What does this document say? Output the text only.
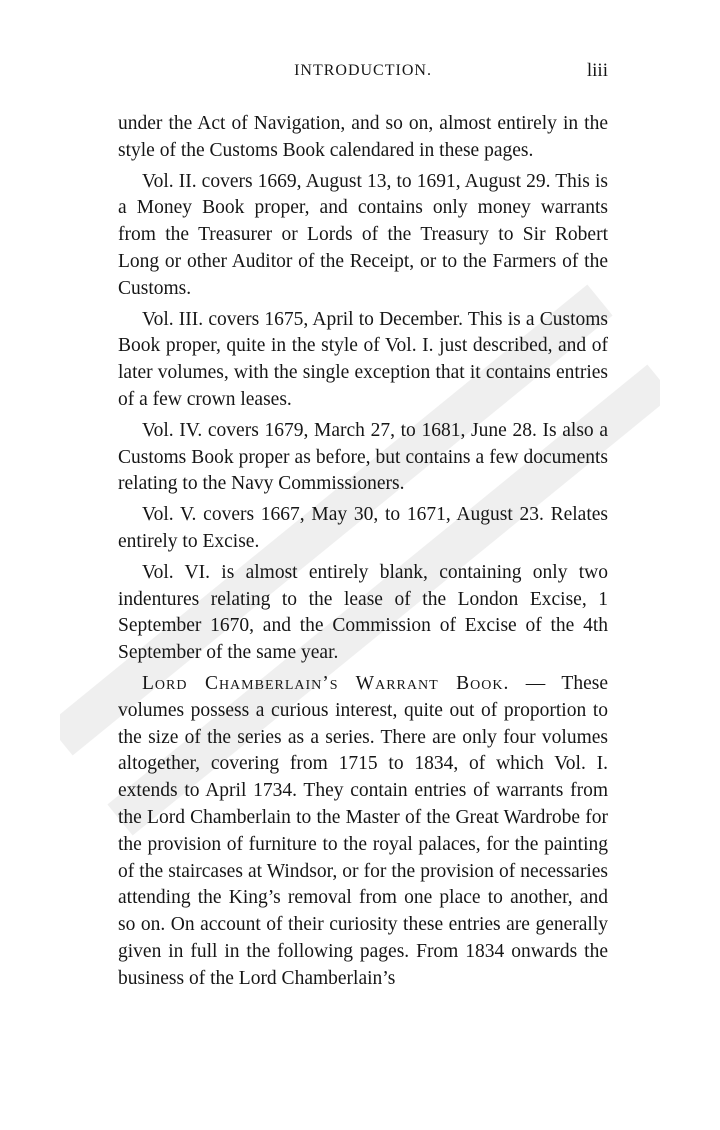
INTRODUCTION.	liii

under the Act of Navigation, and so on, almost entirely in the style of the Customs Book calendared in these pages.

Vol. II. covers 1669, August 13, to 1691, August 29. This is a Money Book proper, and contains only money warrants from the Treasurer or Lords of the Treasury to Sir Robert Long or other Auditor of the Receipt, or to the Farmers of the Customs.

Vol. III. covers 1675, April to December. This is a Customs Book proper, quite in the style of Vol. I. just described, and of later volumes, with the single exception that it contains entries of a few crown leases.

Vol. IV. covers 1679, March 27, to 1681, June 28. Is also a Customs Book proper as before, but contains a few documents relating to the Navy Commissioners.

Vol. V. covers 1667, May 30, to 1671, August 23. Relates entirely to Excise.

Vol. VI. is almost entirely blank, containing only two indentures relating to the lease of the London Excise, 1 September 1670, and the Commission of Excise of the 4th September of the same year.

Lord Chamberlain’s Warrant Book. — These volumes possess a curious interest, quite out of proportion to the size of the series as a series. There are only four volumes altogether, covering from 1715 to 1834, of which Vol. I. extends to April 1734. They contain entries of warrants from the Lord Chamberlain to the Master of the Great Wardrobe for the provision of furniture to the royal palaces, for the painting of the staircases at Windsor, or for the provision of necessaries attending the King’s removal from one place to another, and so on. On account of their curiosity these entries are generally given in full in the following pages. From 1834 onwards the business of the Lord Chamberlain’s
